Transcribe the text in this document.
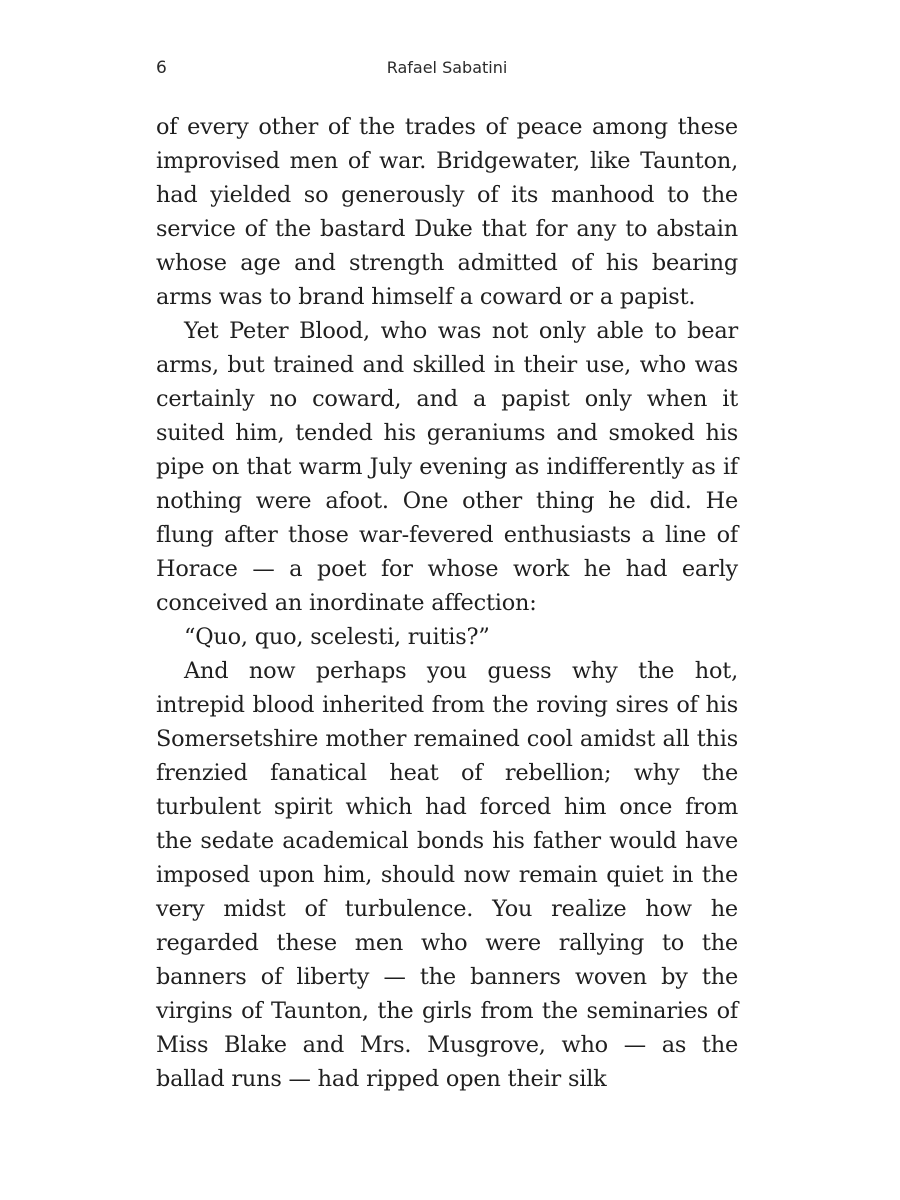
6	Rafael Sabatini

of every other of the trades of peace among these improvised men of war. Bridgewater, like Taunton, had yielded so generously of its manhood to the service of the bastard Duke that for any to abstain whose age and strength admitted of his bearing arms was to brand himself a coward or a papist.

Yet Peter Blood, who was not only able to bear arms, but trained and skilled in their use, who was certainly no coward, and a papist only when it suited him, tended his geraniums and smoked his pipe on that warm July evening as indifferently as if nothing were afoot. One other thing he did. He flung after those war-fevered enthusiasts a line of Horace — a poet for whose work he had early conceived an inordinate affection:

“Quo, quo, scelesti, ruitis?”

And now perhaps you guess why the hot, intrepid blood inherited from the roving sires of his Somersetshire mother remained cool amidst all this frenzied fanatical heat of rebellion; why the turbulent spirit which had forced him once from the sedate academical bonds his father would have imposed upon him, should now remain quiet in the very midst of turbulence. You realize how he regarded these men who were rallying to the banners of liberty — the banners woven by the virgins of Taunton, the girls from the seminaries of Miss Blake and Mrs. Musgrove, who — as the ballad runs — had ripped open their silk
